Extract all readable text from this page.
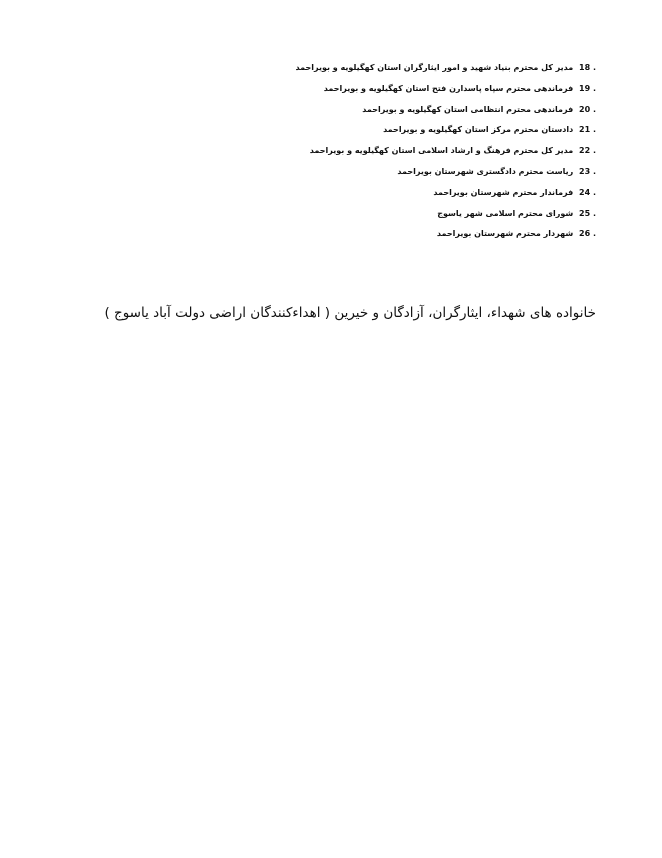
18 . مدیر کل محترم بنیاد شهید و امور ایثارگران استان کهگیلویه و بویراحمد
19 . فرماندهی محترم سپاه پاسدارن فتح استان کهگیلویه و بویراحمد
20 . فرماندهی محترم انتظامی استان کهگیلویه و بویراحمد
21 . دادستان محترم مرکز استان کهگیلویه و بویراحمد
22 . مدیر کل محترم فرهنگ و ارشاد اسلامی استان کهگیلویه و بویراحمد
23 . ریاست محترم دادگستری شهرستان بویراحمد
24 . فرماندار محترم شهرستان بویراحمد
25 . شورای محترم اسلامی شهر یاسوج
26 . شهردار محترم شهرستان بویراحمد

خانواده های شهداء، ایثارگران، آزادگان و خیرین ( اهداءکنندگان اراضی دولت آباد یاسوج )
